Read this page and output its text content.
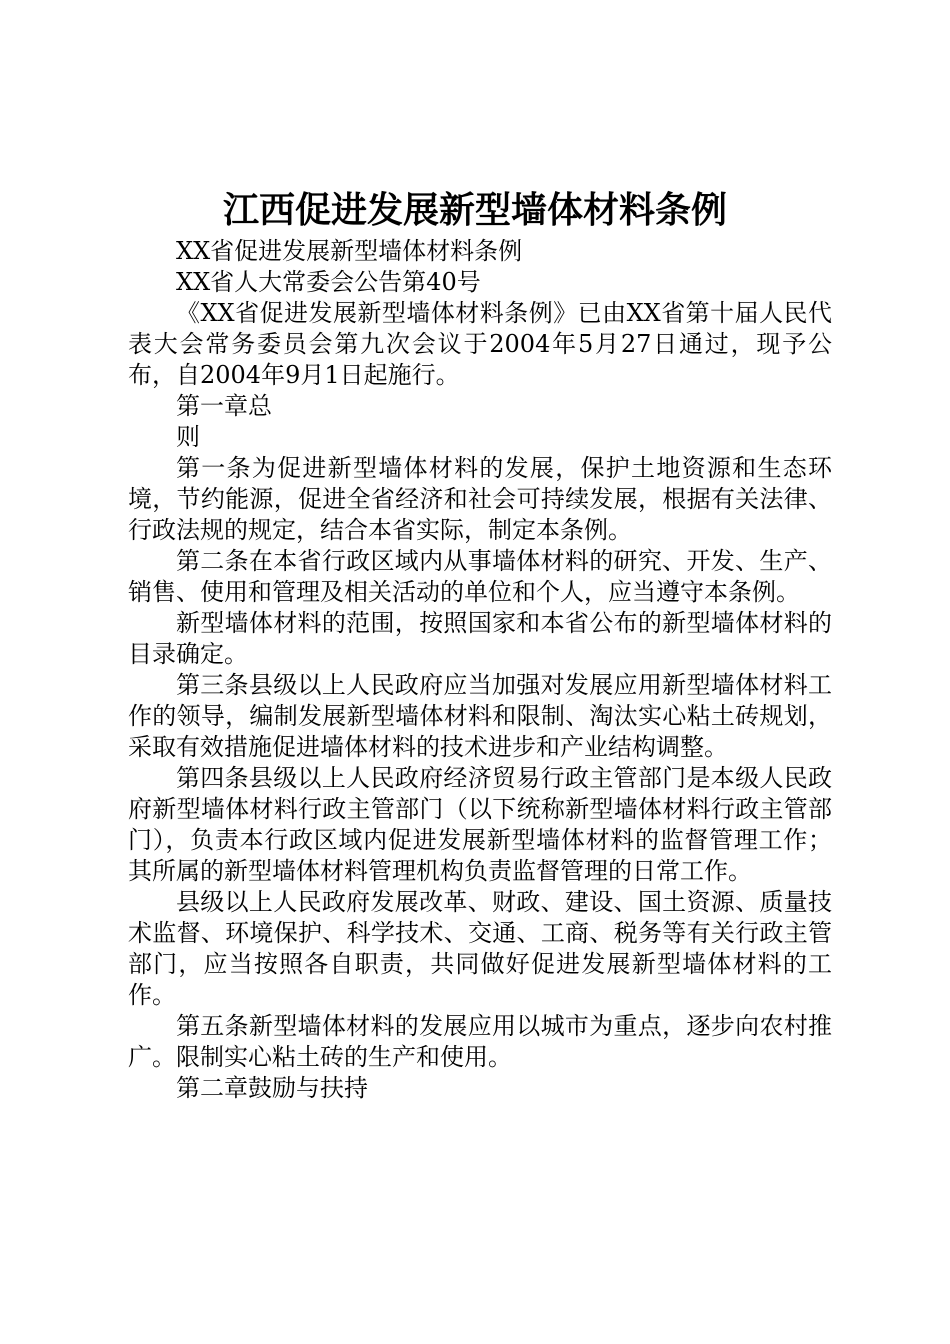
江西促进发展新型墙体材料条例

XX省促进发展新型墙体材料条例

XX省人大常委会公告第40号

《XX省促进发展新型墙体材料条例》已由XX省第十届人民代表大会常务委员会第九次会议于2004年5月27日通过，现予公布，自2004年9月1日起施行。

第一章总

则

第一条为促进新型墙体材料的发展，保护土地资源和生态环境，节约能源，促进全省经济和社会可持续发展，根据有关法律、行政法规的规定，结合本省实际，制定本条例。

第二条在本省行政区域内从事墙体材料的研究、开发、生产、销售、使用和管理及相关活动的单位和个人，应当遵守本条例。

新型墙体材料的范围，按照国家和本省公布的新型墙体材料的目录确定。

第三条县级以上人民政府应当加强对发展应用新型墙体材料工作的领导，编制发展新型墙体材料和限制、淘汰实心粘土砖规划，采取有效措施促进墙体材料的技术进步和产业结构调整。

第四条县级以上人民政府经济贸易行政主管部门是本级人民政府新型墙体材料行政主管部门（以下统称新型墙体材料行政主管部门），负责本行政区域内促进发展新型墙体材料的监督管理工作；其所属的新型墙体材料管理机构负责监督管理的日常工作。

县级以上人民政府发展改革、财政、建设、国土资源、质量技术监督、环境保护、科学技术、交通、工商、税务等有关行政主管部门，应当按照各自职责，共同做好促进发展新型墙体材料的工作。

第五条新型墙体材料的发展应用以城市为重点，逐步向农村推广。限制实心粘土砖的生产和使用。

第二章鼓励与扶持
